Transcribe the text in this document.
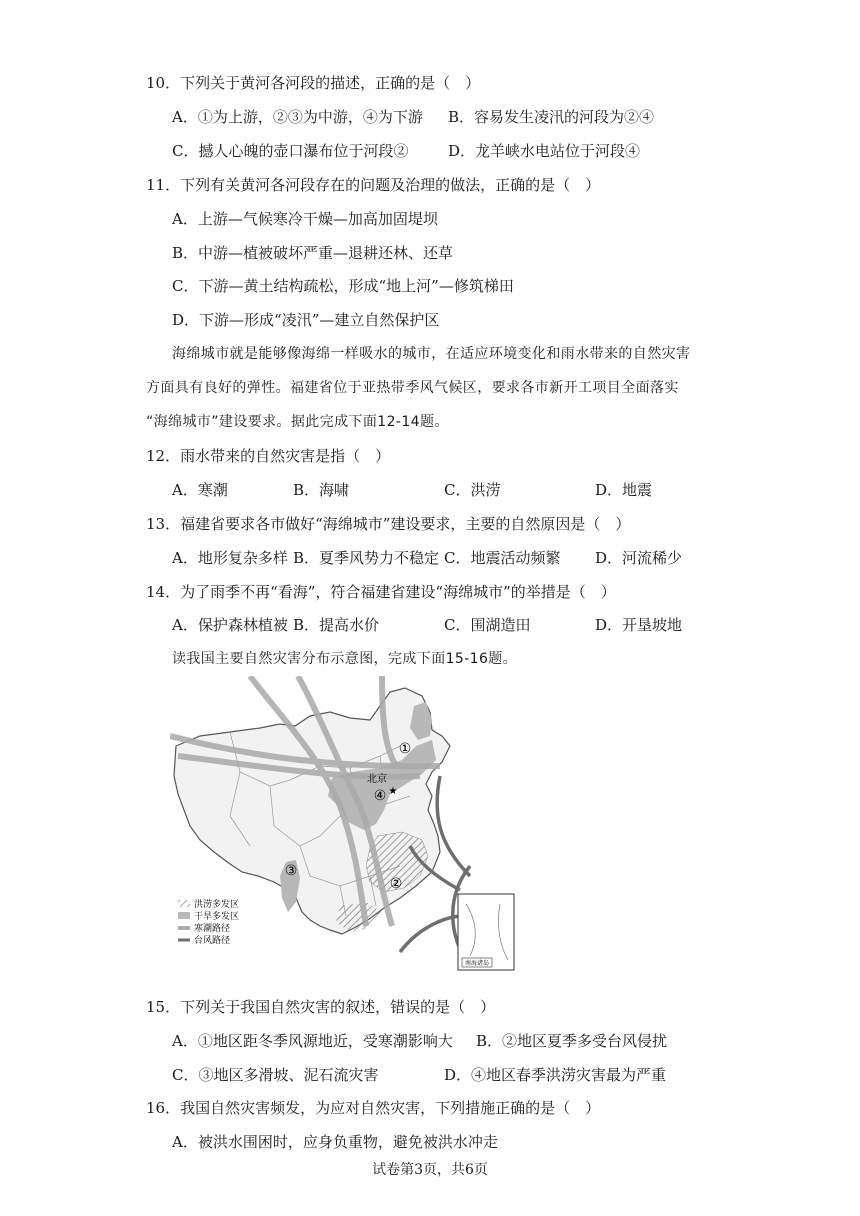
10．下列关于黄河各河段的描述，正确的是（　）
A．①为上游，②③为中游，④为下游 B．容易发生凌汛的河段为②④
C．撼人心魄的壶口瀑布位于河段②	D．龙羊峡水电站位于河段④
11．下列有关黄河各河段存在的问题及治理的做法，正确的是（　）
A．上游—气候寒冷干燥—加高加固堤坝
B．中游—植被破坏严重—退耕还林、还草
C．下游—黄土结构疏松，形成“地上河”—修筑梯田
D．下游—形成“凌汛”—建立自然保护区
海绵城市就是能够像海绵一样吸水的城市，在适应环境变化和雨水带来的自然灾害
方面具有良好的弹性。福建省位于亚热带季风气候区，要求各市新开工项目全面落实
“海绵城市”建设要求。据此完成下面12-14题。
12．雨水带来的自然灾害是指（　）
A．寒潮	B．海啸	C．洪涝	D．地震
13．福建省要求各市做好“海绵城市”建设要求，主要的自然原因是（　）
A．地形复杂多样 B．夏季风势力不稳定 C．地震活动频繁 D．河流稀少
14．为了雨季不再“看海”，符合福建省建设“海绵城市”的举措是（　）
A．保护森林植被 B．提高水价	C．围湖造田	D．开垦坡地
读我国主要自然灾害分布示意图，完成下面15-16题。
①
④
②
③
北京
★
洪涝多发区
干旱多发区
寒潮路径
台风路径
南海诸岛
15．下列关于我国自然灾害的叙述，错误的是（　）
A．①地区距冬季风源地近，受寒潮影响大 B．②地区夏季多受台风侵扰
C．③地区多滑坡、泥石流灾害	D．④地区春季洪涝灾害最为严重
16．我国自然灾害频发，为应对自然灾害，下列措施正确的是（　）
A．被洪水围困时，应身负重物，避免被洪水冲走
试卷第3页，共6页
